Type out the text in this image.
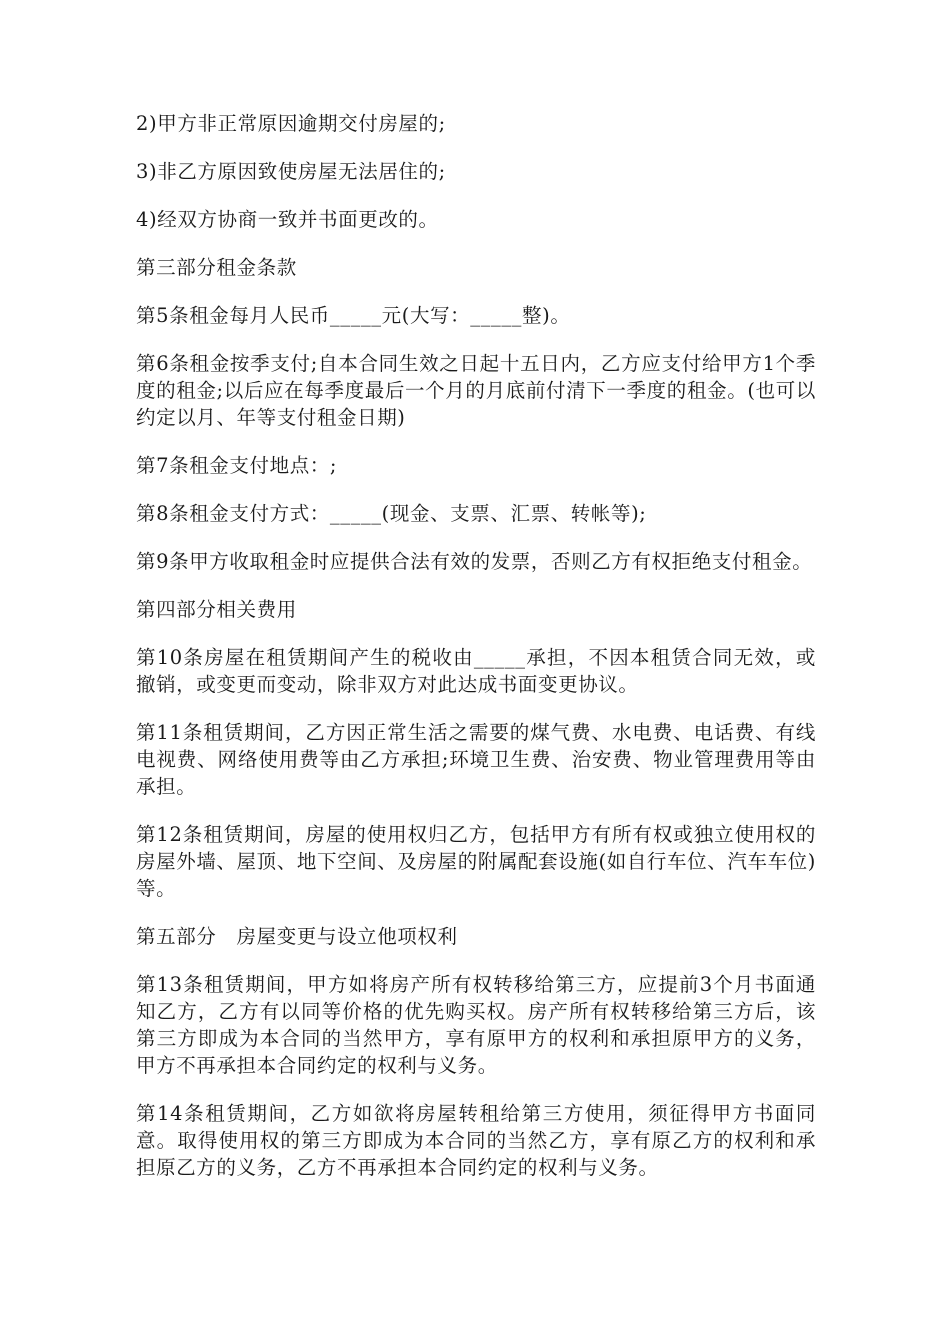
2)甲方非正常原因逾期交付房屋的;

3)非乙方原因致使房屋无法居住的;

4)经双方协商一致并书面更改的。

第三部分租金条款

第5条租金每月人民币_____元(大写：_____整)。

第6条租金按季支付;自本合同生效之日起十五日内，乙方应支付给甲方1个季度的租金;以后应在每季度最后一个月的月底前付清下一季度的租金。(也可以约定以月、年等支付租金日期)

第7条租金支付地点：;

第8条租金支付方式：_____(现金、支票、汇票、转帐等);

第9条甲方收取租金时应提供合法有效的发票，否则乙方有权拒绝支付租金。

第四部分相关费用

第10条房屋在租赁期间产生的税收由_____承担，不因本租赁合同无效，或撤销，或变更而变动，除非双方对此达成书面变更协议。

第11条租赁期间，乙方因正常生活之需要的煤气费、水电费、电话费、有线电视费、网络使用费等由乙方承担;环境卫生费、治安费、物业管理费用等由承担。

第12条租赁期间，房屋的使用权归乙方，包括甲方有所有权或独立使用权的房屋外墙、屋顶、地下空间、及房屋的附属配套设施(如自行车位、汽车车位)等。

第五部分　房屋变更与设立他项权利

第13条租赁期间，甲方如将房产所有权转移给第三方，应提前3个月书面通知乙方，乙方有以同等价格的优先购买权。房产所有权转移给第三方后，该第三方即成为本合同的当然甲方，享有原甲方的权利和承担原甲方的义务，甲方不再承担本合同约定的权利与义务。

第14条租赁期间，乙方如欲将房屋转租给第三方使用，须征得甲方书面同意。取得使用权的第三方即成为本合同的当然乙方，享有原乙方的权利和承担原乙方的义务，乙方不再承担本合同约定的权利与义务。
